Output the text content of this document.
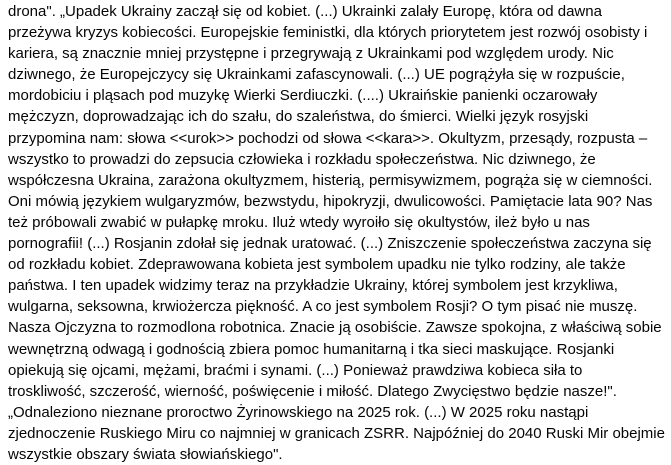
drona". „Upadek Ukrainy zaczął się od kobiet. (...) Ukrainki zalały Europę, która od dawna
przeżywa kryzys kobiecości. Europejskie feministki, dla których priorytetem jest rozwój osobisty i
kariera, są znacznie mniej przystępne i przegrywają z Ukrainkami pod względem urody. Nic
dziwnego, że Europejczycy się Ukrainkami zafascynowali. (...) UE pogrążyła się w rozpuście,
mordobiciu i pląsach pod muzykę Wierki Serdiuczki. (....) Ukraińskie panienki oczarowały
mężczyzn, doprowadzając ich do szału, do szaleństwa, do śmierci. Wielki język rosyjski
przypomina nam: słowa <<urok>> pochodzi od słowa <<kara>>. Okultyzm, przesądy, rozpusta –
wszystko to prowadzi do zepsucia człowieka i rozkładu społeczeństwa. Nic dziwnego, że
współczesna Ukraina, zarażona okultyzmem, histerią, permisywizmem, pogrąża się w ciemności.
Oni mówią językiem wulgaryzmów, bezwstydu, hipokryzji, dwulicowości. Pamiętacie lata 90? Nas
też próbowali zwabić w pułapkę mroku. Iluż wtedy wyroiło się okultystów, ileż było u nas
pornografii! (...) Rosjanin zdołał się jednak uratować. (...) Zniszczenie społeczeństwa zaczyna się
od rozkładu kobiet. Zdeprawowana kobieta jest symbolem upadku nie tylko rodziny, ale także
państwa. I ten upadek widzimy teraz na przykładzie Ukrainy, której symbolem jest krzykliwa,
wulgarna, seksowna, krwiożercza piękność. A co jest symbolem Rosji? O tym pisać nie muszę.
Nasza Ojczyzna to rozmodlona robotnica. Znacie ją osobiście. Zawsze spokojna, z właściwą sobie
wewnętrzną odwagą i godnością zbiera pomoc humanitarną i tka sieci maskujące. Rosjanki
opiekują się ojcami, mężami, braćmi i synami. (...) Ponieważ prawdziwa kobieca siła to
troskliwość, szczerość, wierność, poświęcenie i miłość. Dlatego Zwycięstwo będzie nasze!".
„Odnaleziono nieznane proroctwo Żyrinowskiego na 2025 rok. (...) W 2025 roku nastąpi
zjednoczenie Ruskiego Miru co najmniej w granicach ZSRR. Najpóźniej do 2040 Ruski Mir obejmie
wszystkie obszary świata słowiańskiego".
